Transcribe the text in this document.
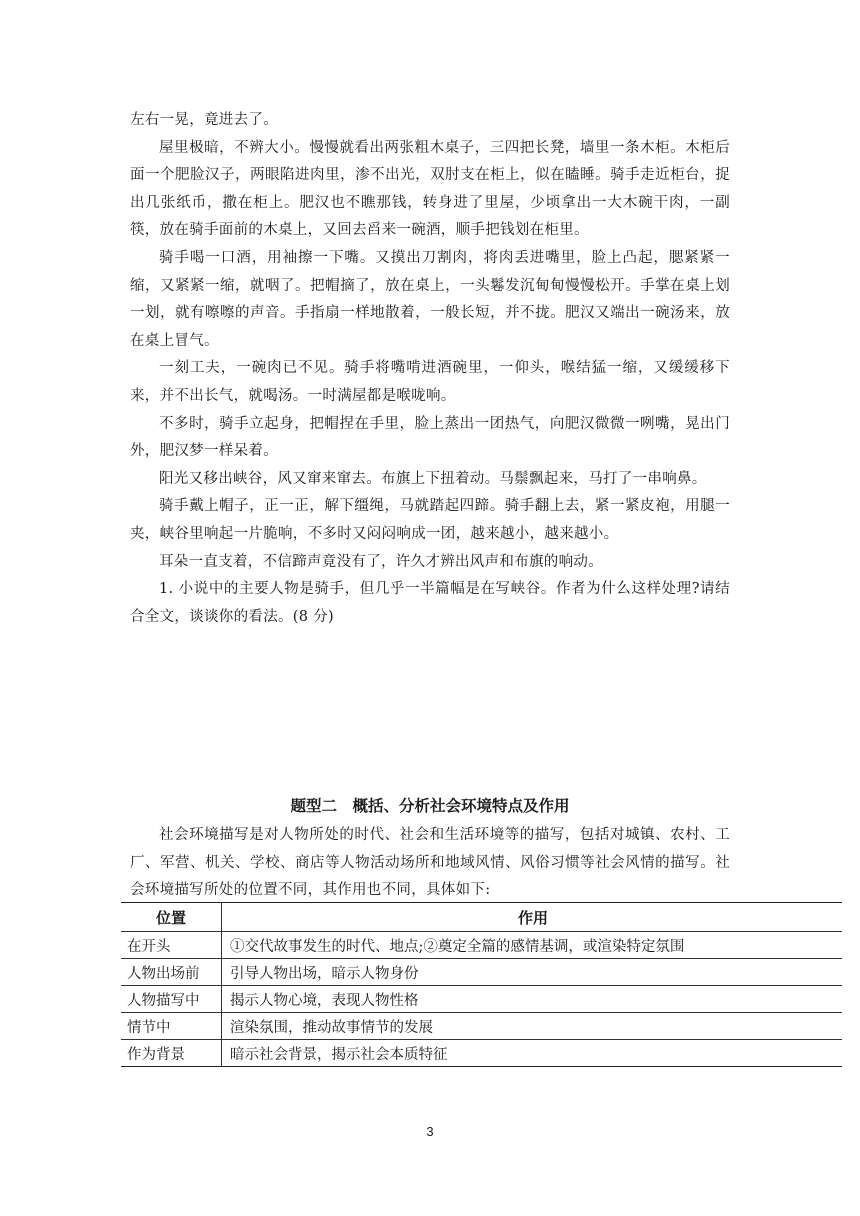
左右一晃，竟进去了。

屋里极暗，不辨大小。慢慢就看出两张粗木桌子，三四把长凳，墙里一条木柜。木柜后面一个肥脸汉子，两眼陷进肉里，渗不出光，双肘支在柜上，似在瞌睡。骑手走近柜台，捉出几张纸币，撒在柜上。肥汉也不瞧那钱，转身进了里屋，少顷拿出一大木碗干肉，一副筷，放在骑手面前的木桌上，又回去舀来一碗酒，顺手把钱划在柜里。

骑手喝一口酒，用袖擦一下嘴。又摸出刀割肉，将肉丢进嘴里，脸上凸起，腮紧紧一缩，又紧紧一缩，就咽了。把帽摘了，放在桌上，一头鬈发沉甸甸慢慢松开。手掌在桌上划一划，就有嚓嚓的声音。手指扇一样地散着，一般长短，并不拢。肥汉又端出一碗汤来，放在桌上冒气。

一刻工夫，一碗肉已不见。骑手将嘴啃进酒碗里，一仰头，喉结猛一缩，又缓缓移下来，并不出长气，就喝汤。一时满屋都是喉咙响。

不多时，骑手立起身，把帽捏在手里，脸上蒸出一团热气，向肥汉微微一咧嘴，晃出门外，肥汉梦一样呆着。

阳光又移出峡谷，风又窜来窜去。布旗上下扭着动。马鬃飘起来，马打了一串响鼻。

骑手戴上帽子，正一正，解下缰绳，马就踏起四蹄。骑手翻上去，紧一紧皮袍，用腿一夹，峡谷里响起一片脆响，不多时又闷闷响成一团，越来越小，越来越小。

耳朵一直支着，不信蹄声竟没有了，许久才辨出风声和布旗的响动。

1. 小说中的主要人物是骑手，但几乎一半篇幅是在写峡谷。作者为什么这样处理?请结合全文，谈谈你的看法。(8 分)

题型二　概括、分析社会环境特点及作用

社会环境描写是对人物所处的时代、社会和生活环境等的描写，包括对城镇、农村、工厂、军营、机关、学校、商店等人物活动场所和地域风情、风俗习惯等社会风情的描写。社会环境描写所处的位置不同，其作用也不同，具体如下:

位置	作用
在开头	①交代故事发生的时代、地点;②奠定全篇的感情基调，或渲染特定氛围
人物出场前	引导人物出场，暗示人物身份
人物描写中	揭示人物心境，表现人物性格
情节中	渲染氛围，推动故事情节的发展
作为背景	暗示社会背景，揭示社会本质特征
3
